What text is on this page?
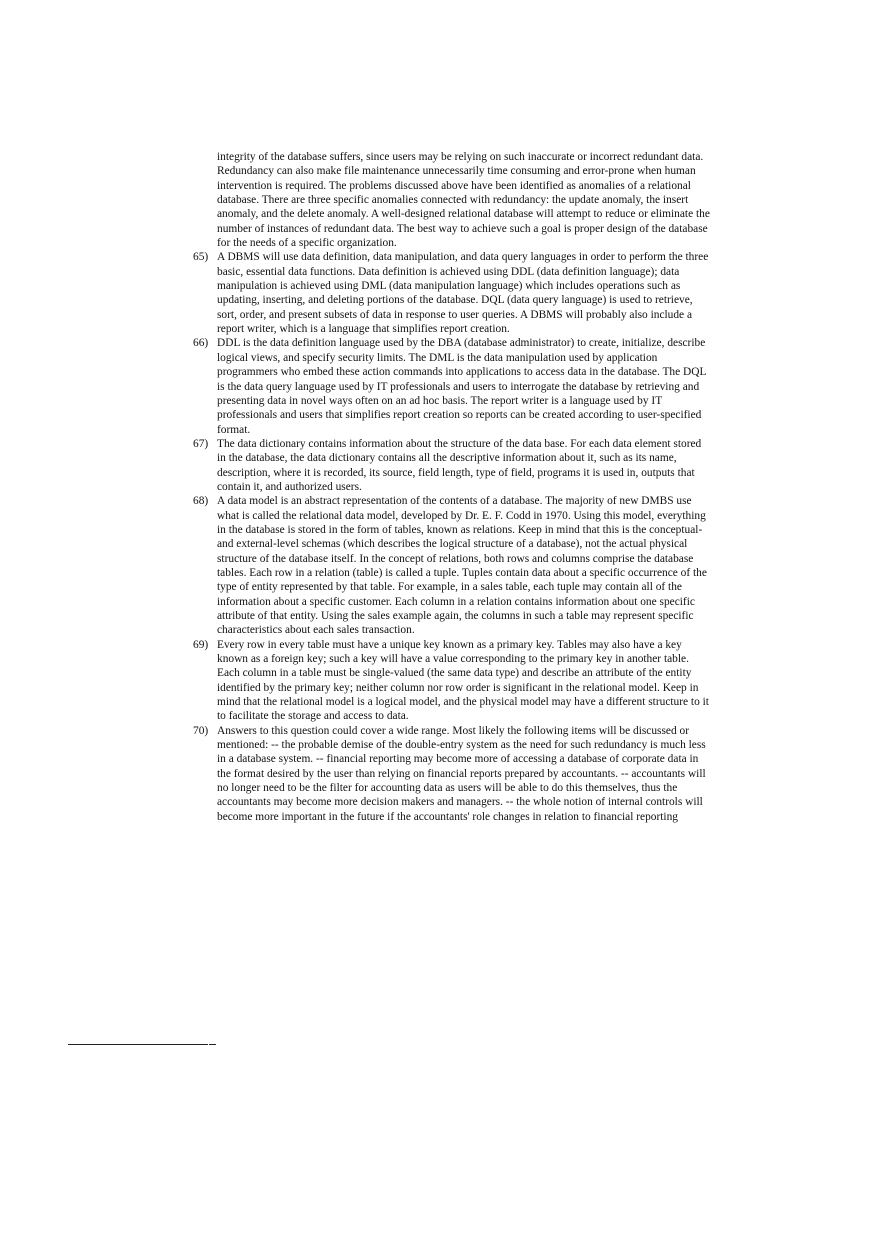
integrity of the database suffers, since users may be relying on such inaccurate or incorrect redundant data. Redundancy can also make file maintenance unnecessarily time consuming and error-prone when human intervention is required. The problems discussed above have been identified as anomalies of a relational database. There are three specific anomalies connected with redundancy: the update anomaly, the insert anomaly, and the delete anomaly. A well-designed relational database will attempt to reduce or eliminate the number of instances of redundant data. The best way to achieve such a goal is proper design of the database for the needs of a specific organization.

65) A DBMS will use data definition, data manipulation, and data query languages in order to perform the three basic, essential data functions. Data definition is achieved using DDL (data definition language); data manipulation is achieved using DML (data manipulation language) which includes operations such as updating, inserting, and deleting portions of the database. DQL (data query language) is used to retrieve, sort, order, and present subsets of data in response to user queries. A DBMS will probably also include a report writer, which is a language that simplifies report creation.

66) DDL is the data definition language used by the DBA (database administrator) to create, initialize, describe logical views, and specify security limits. The DML is the data manipulation used by application programmers who embed these action commands into applications to access data in the database. The DQL is the data query language used by IT professionals and users to interrogate the database by retrieving and presenting data in novel ways often on an ad hoc basis. The report writer is a language used by IT professionals and users that simplifies report creation so reports can be created according to user-specified format.

67) The data dictionary contains information about the structure of the data base. For each data element stored in the database, the data dictionary contains all the descriptive information about it, such as its name, description, where it is recorded, its source, field length, type of field, programs it is used in, outputs that contain it, and authorized users.

68) A data model is an abstract representation of the contents of a database. The majority of new DMBS use what is called the relational data model, developed by Dr. E. F. Codd in 1970. Using this model, everything in the database is stored in the form of tables, known as relations. Keep in mind that this is the conceptual- and external-level schemas (which describes the logical structure of a database), not the actual physical structure of the database itself. In the concept of relations, both rows and columns comprise the database tables. Each row in a relation (table) is called a tuple. Tuples contain data about a specific occurrence of the type of entity represented by that table. For example, in a sales table, each tuple may contain all of the information about a specific customer. Each column in a relation contains information about one specific attribute of that entity. Using the sales example again, the columns in such a table may represent specific characteristics about each sales transaction.

69) Every row in every table must have a unique key known as a primary key. Tables may also have a key known as a foreign key; such a key will have a value corresponding to the primary key in another table. Each column in a table must be single-valued (the same data type) and describe an attribute of the entity identified by the primary key; neither column nor row order is significant in the relational model. Keep in mind that the relational model is a logical model, and the physical model may have a different structure to it to facilitate the storage and access to data.

70) Answers to this question could cover a wide range. Most likely the following items will be discussed or mentioned: -- the probable demise of the double-entry system as the need for such redundancy is much less in a database system. -- financial reporting may become more of accessing a database of corporate data in the format desired by the user than relying on financial reports prepared by accountants. -- accountants will no longer need to be the filter for accounting data as users will be able to do this themselves, thus the accountants may become more decision makers and managers. -- the whole notion of internal controls will become more important in the future if the accountants' role changes in relation to financial reporting
